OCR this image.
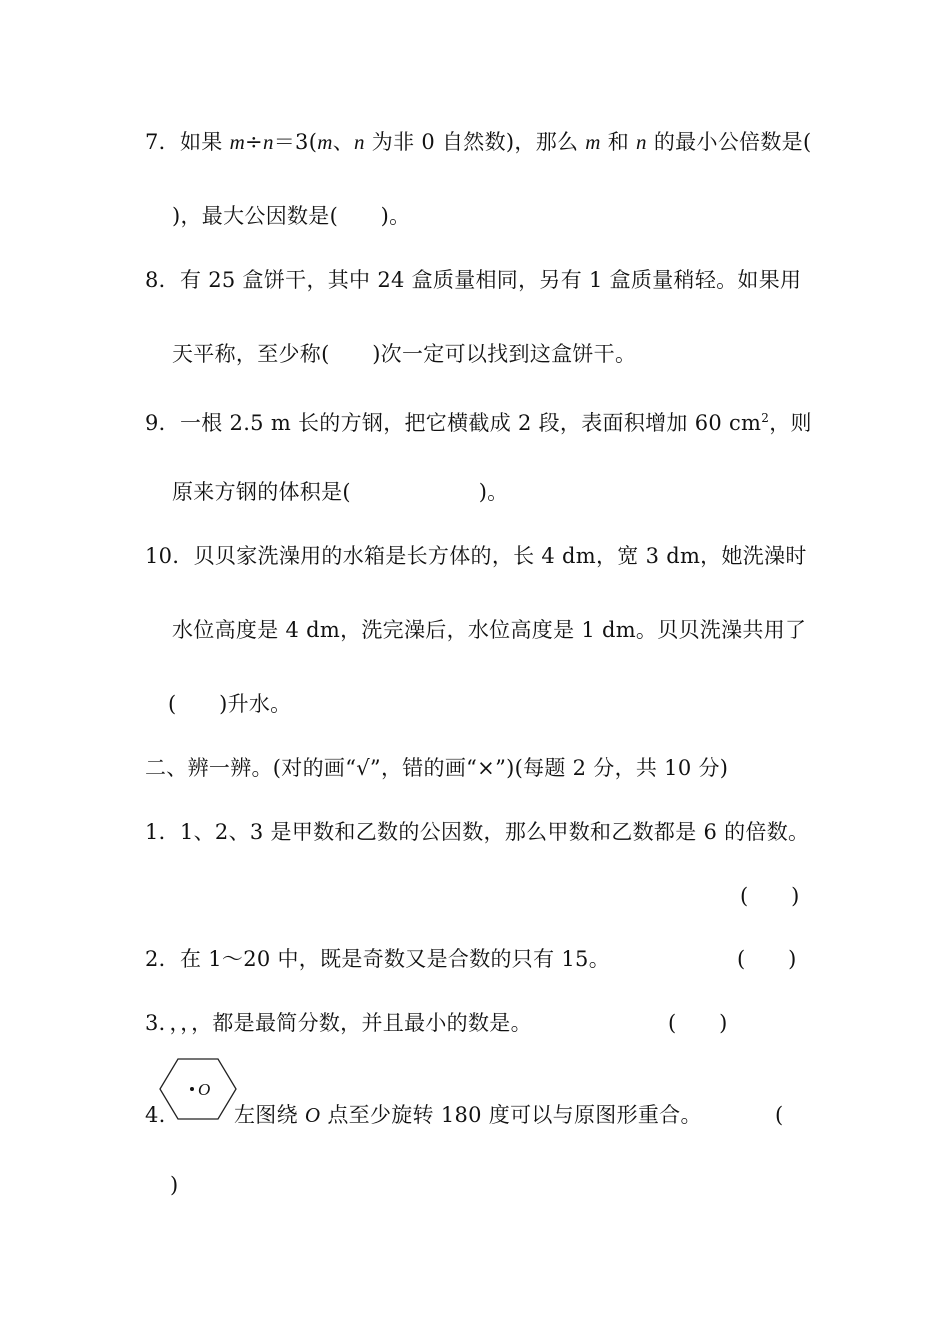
7．如果 m÷n＝3(m、n 为非 0 自然数)，那么 m 和 n 的最小公倍数是(
)，最大公因数是(　　)。
8．有 25 盒饼干，其中 24 盒质量相同，另有 1 盒质量稍轻。如果用
天平称，至少称(　　)次一定可以找到这盒饼干。
9．一根 2.5 m 长的方钢，把它横截成 2 段，表面积增加 60 $cm^2$，则
原来方钢的体积是(　　　　　　)。
10．贝贝家洗澡用的水箱是长方体的，长 4 dm，宽 3 dm，她洗澡时
水位高度是 4 dm，洗完澡后，水位高度是 1 dm。贝贝洗澡共用了
(　　)升水。
二、辨一辨。(对的画“√”，错的画“×”)(每题 2 分，共 10 分)
1．1、2、3 是甲数和乙数的公因数，那么甲数和乙数都是 6 的倍数。
(　　)
2．在 1～20 中，既是奇数又是合数的只有 15。	(　　)
3．，，，都是最简分数，并且最小的数是。	(　　)
4.
O
左图绕 O 点至少旋转 180 度可以与原图形重合。	(
)
